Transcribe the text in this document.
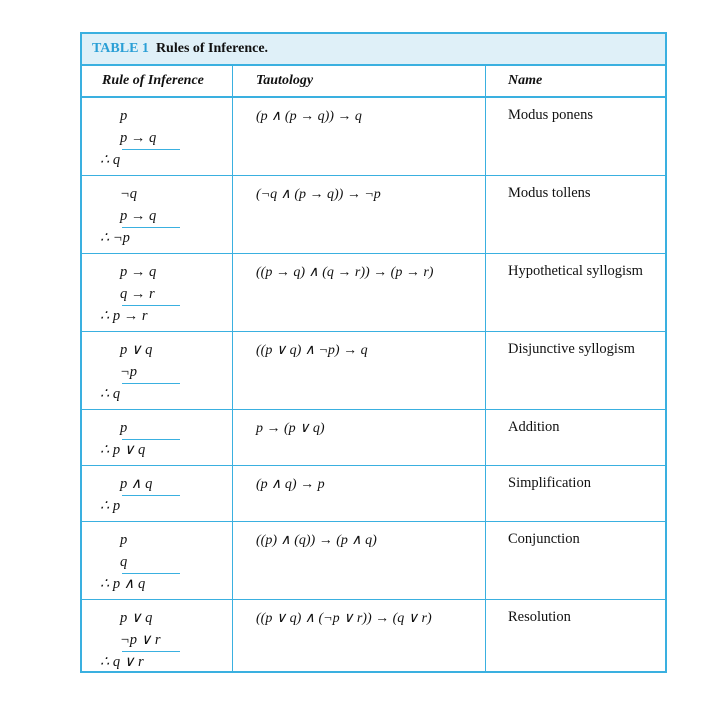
TABLE 1 Rules of Inference.
Rule of Inference	Tautology	Name
p
p → q
∴ q
(p ∧ (p → q)) → q	Modus ponens
¬q
p → q
∴ ¬p
(¬q ∧ (p → q)) → ¬p	Modus tollens
p → q
q → r
∴ p → r
((p → q) ∧ (q → r)) → (p → r)	Hypothetical syllogism
p ∨ q
¬p
∴ q
((p ∨ q) ∧ ¬p) → q	Disjunctive syllogism
p
∴ p ∨ q
p → (p ∨ q)	Addition
p ∧ q
∴ p
(p ∧ q) → p	Simplification
p
q
∴ p ∧ q
((p) ∧ (q)) → (p ∧ q)	Conjunction
p ∨ q
¬p ∨ r
∴ q ∨ r
((p ∨ q) ∧ (¬p ∨ r)) → (q ∨ r)	Resolution
